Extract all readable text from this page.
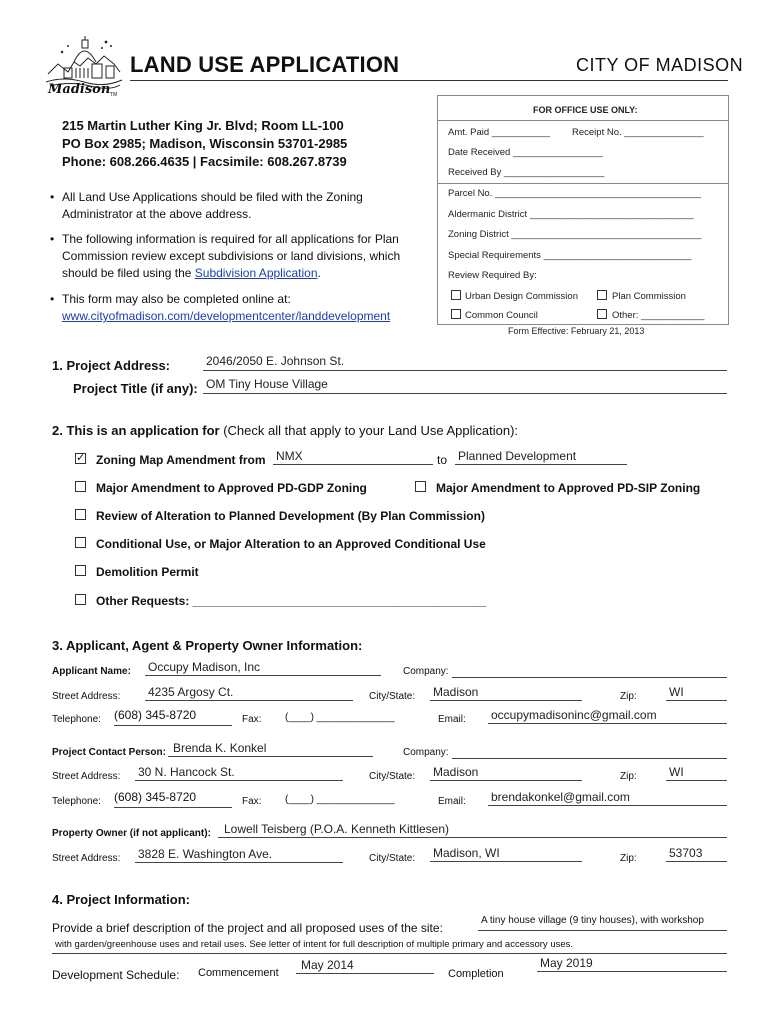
Madison TM
LAND USE APPLICATION	CITY OF MADISON
215 Martin Luther King Jr. Blvd; Room LL-100
PO Box 2985; Madison, Wisconsin 53701-2985
Phone: 608.266.4635 | Facsimile: 608.267.8739
• All Land Use Applications should be filed with the Zoning
Administrator at the above address.
• The following information is required for all applications for Plan
Commission review except subdivisions or land divisions, which
should be filed using the Subdivision Application.
• This form may also be completed online at:
www.cityofmadison.com/developmentcenter/landdevelopment
FOR OFFICE USE ONLY:
Amt. Paid ___________ Receipt No. _______________
Date Received _________________
Received By ___________________
Parcel No. _______________________________________
Aldermanic District _______________________________
Zoning District ____________________________________
Special Requirements ____________________________
Review Required By:
Urban Design Commission	Plan Commission
Common Council	Other: ____________
Form Effective: February 21, 2013
1. Project Address:	2046/2050 E. Johnson St.
Project Title (if any): OM Tiny House Village
2. This is an application for (Check all that apply to your Land Use Application):
✓ Zoning Map Amendment from NMX	to Planned Development
Major Amendment to Approved PD-GDP Zoning	Major Amendment to Approved PD-SIP Zoning
Review of Alteration to Planned Development (By Plan Commission)
Conditional Use, or Major Alteration to an Approved Conditional Use
Demolition Permit
Other Requests: ____________________________________________
3. Applicant, Agent & Property Owner Information:
Applicant Name: Occupy Madison, Inc	Company:
Street Address: 4235 Argosy Ct.	City/State: Madison	Zip:	WI
Telephone: (608) 345-8720	Fax: (____) ______________	Email: occupymadisoninc@gmail.com
Project Contact Person: Brenda K. Konkel	Company:
Street Address: 30 N. Hancock St.	City/State: Madison	Zip:	WI
Telephone: (608) 345-8720	Fax: (____) ______________	Email: brendakonkel@gmail.com
Property Owner (if not applicant): Lowell Teisberg (P.O.A. Kenneth Kittlesen)
Street Address: 3828 E. Washington Ave.	City/State: Madison, WI	Zip:	53703
4. Project Information:
Provide a brief description of the project and all proposed uses of the site:
A tiny house village (9 tiny houses), with workshop
with garden/greenhouse uses and retail uses. See letter of intent for full description of multiple primary and accessory uses.
Development Schedule: Commencement
May 2014
Completion
May 2019
